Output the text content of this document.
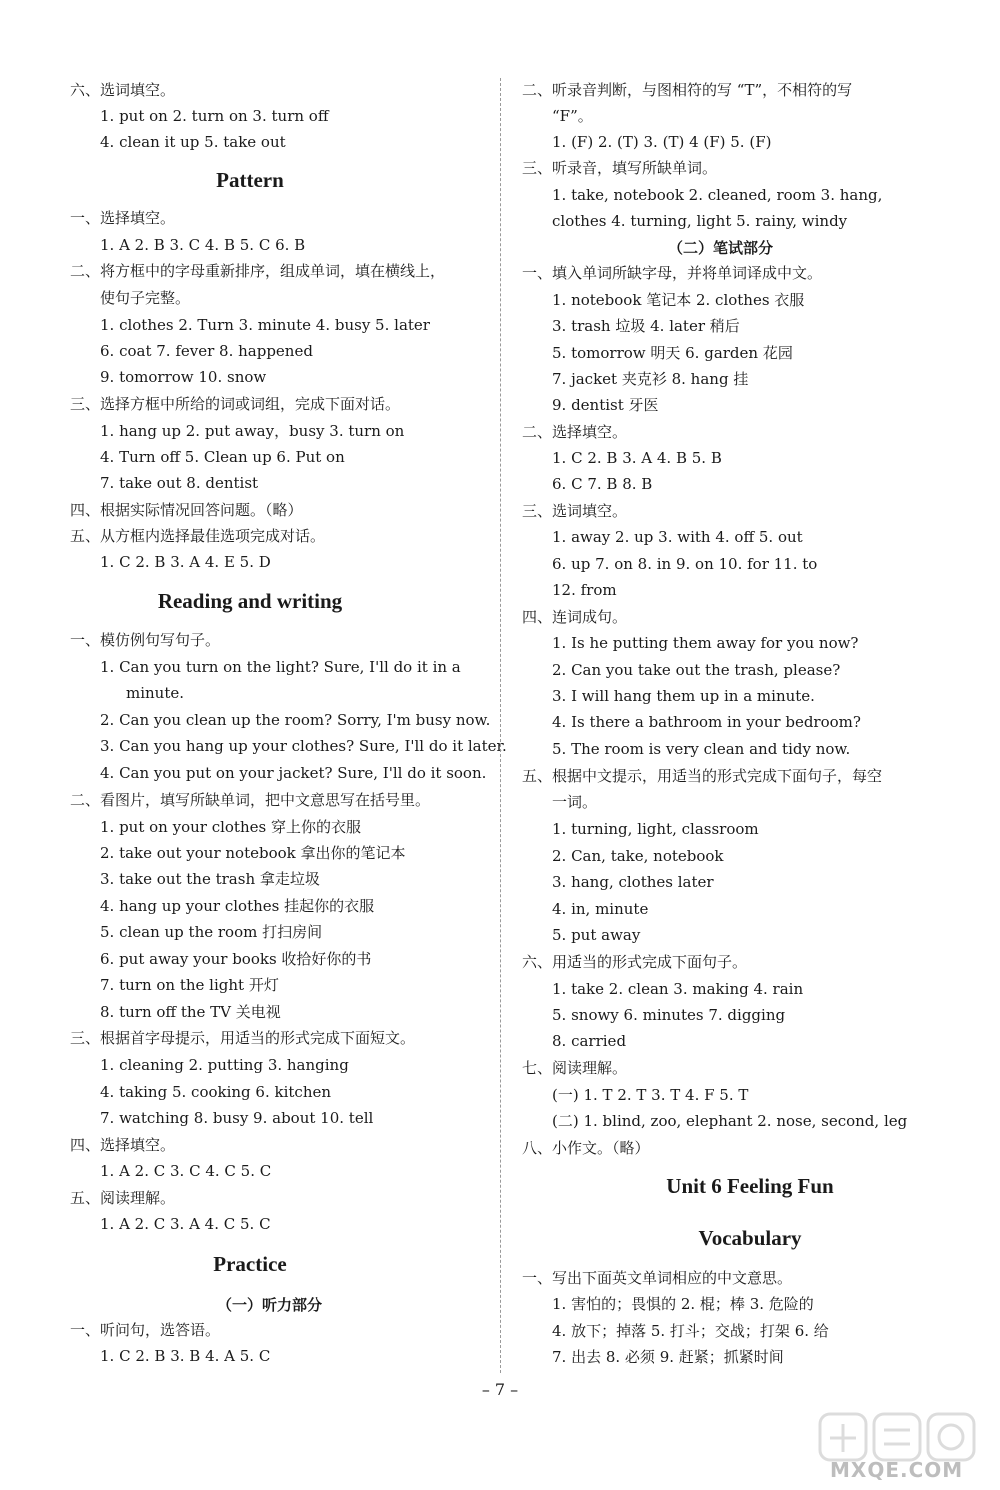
六、选词填空。
1. put on 2. turn on 3. turn off
4. clean it up 5. take out
Pattern
一、选择填空。
1. A 2. B 3. C 4. B 5. C 6. B
二、将方框中的字母重新排序，组成单词，填在横线上，
使句子完整。
1. clothes 2. Turn 3. minute 4. busy 5. later
6. coat 7. fever 8. happened
9. tomorrow 10. snow
三、选择方框中所给的词或词组，完成下面对话。
1. hang up 2. put away，busy 3. turn on
4. Turn off 5. Clean up 6. Put on
7. take out 8. dentist
四、根据实际情况回答问题。（略）
五、从方框内选择最佳选项完成对话。
1. C 2. B 3. A 4. E 5. D
Reading and writing
一、模仿例句写句子。
1. Can you turn on the light? Sure, I'll do it in a
minute.
2. Can you clean up the room? Sorry, I'm busy now.
3. Can you hang up your clothes? Sure, I'll do it later.
4. Can you put on your jacket? Sure, I'll do it soon.
二、看图片，填写所缺单词，把中文意思写在括号里。
1. put on your clothes 穿上你的衣服
2. take out your notebook 拿出你的笔记本
3. take out the trash 拿走垃圾
4. hang up your clothes 挂起你的衣服
5. clean up the room 打扫房间
6. put away your books 收拾好你的书
7. turn on the light 开灯
8. turn off the TV 关电视
三、根据首字母提示，用适当的形式完成下面短文。
1. cleaning 2. putting 3. hanging
4. taking 5. cooking 6. kitchen
7. watching 8. busy 9. about 10. tell
四、选择填空。
1. A 2. C 3. C 4. C 5. C
五、阅读理解。
1. A 2. C 3. A 4. C 5. C
Practice
（一）听力部分
一、听问句，选答语。
1. C 2. B 3. B 4. A 5. C
二、听录音判断，与图相符的写 “T”，不相符的写
“F”。
1. (F) 2. (T) 3. (T) 4 (F) 5. (F)
三、听录音，填写所缺单词。
1. take, notebook 2. cleaned, room 3. hang,
clothes 4. turning, light 5. rainy, windy
（二）笔试部分
一、填入单词所缺字母，并将单词译成中文。
1. notebook 笔记本 2. clothes 衣服
3. trash 垃圾 4. later 稍后
5. tomorrow 明天 6. garden 花园
7. jacket 夹克衫 8. hang 挂
9. dentist 牙医
二、选择填空。
1. C 2. B 3. A 4. B 5. B
6. C 7. B 8. B
三、选词填空。
1. away 2. up 3. with 4. off 5. out
6. up 7. on 8. in 9. on 10. for 11. to
12. from
四、连词成句。
1. Is he putting them away for you now?
2. Can you take out the trash, please?
3. I will hang them up in a minute.
4. Is there a bathroom in your bedroom?
5. The room is very clean and tidy now.
五、根据中文提示，用适当的形式完成下面句子，每空
一词。
1. turning, light, classroom
2. Can, take, notebook
3. hang, clothes later
4. in, minute
5. put away
六、用适当的形式完成下面句子。
1. take 2. clean 3. making 4. rain
5. snowy 6. minutes 7. digging
8. carried
七、阅读理解。
(一) 1. T 2. T 3. T 4. F 5. T
(二) 1. blind, zoo, elephant 2. nose, second, leg
八、小作文。（略）
Unit 6 Feeling Fun
Vocabulary
一、写出下面英文单词相应的中文意思。
1. 害怕的；畏惧的 2. 棍；棒 3. 危险的
4. 放下；掉落 5. 打斗；交战；打架 6. 给
7. 出去 8. 必须 9. 赶紧；抓紧时间
– 7 –
MXQE.COM
